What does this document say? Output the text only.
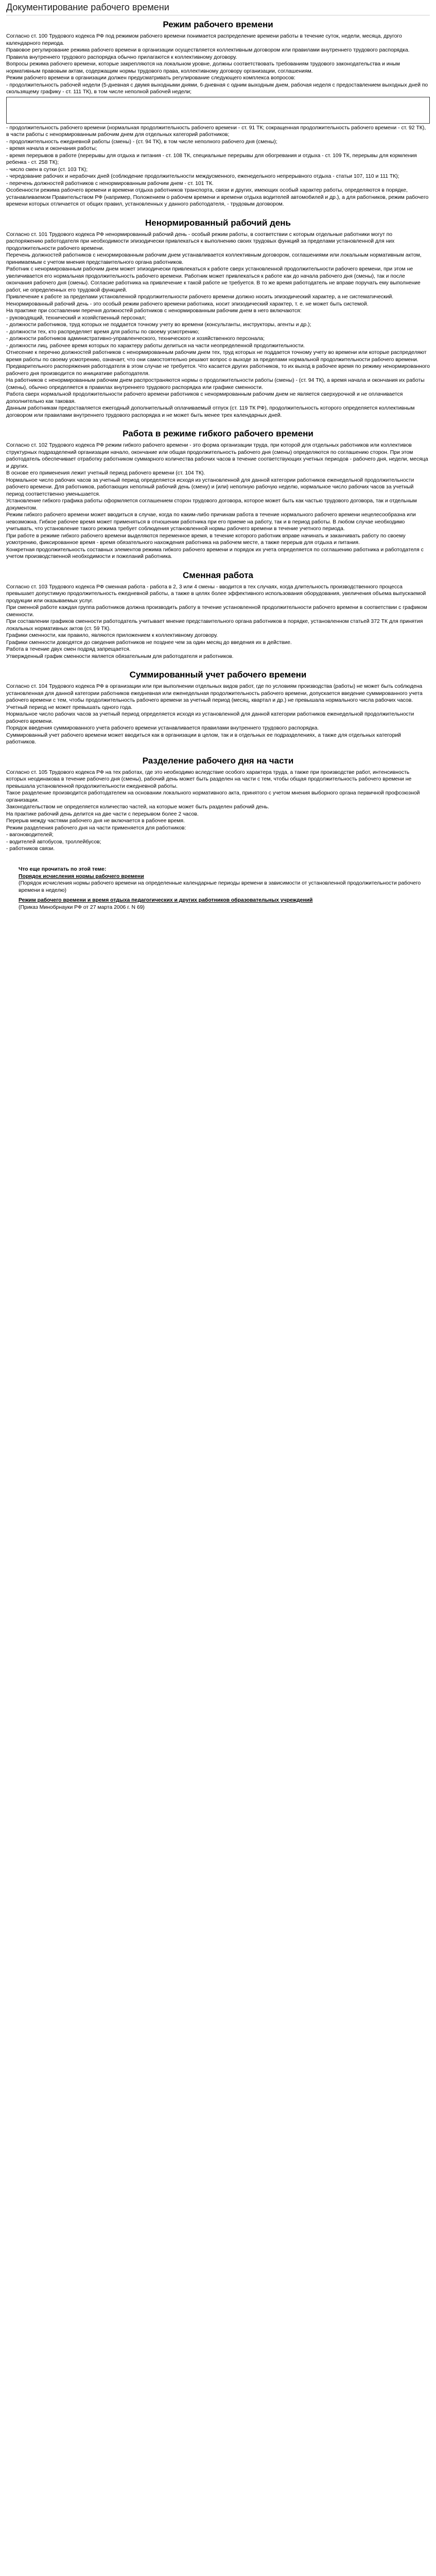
Документирование рабочего времени
Режим рабочего времени

Согласно ст. 100 Трудового кодекса РФ под режимом рабочего времени понимается распределение времени работы в течение суток, недели, месяца, другого календарного периода.

Правовое регулирование режима рабочего времени в организации осуществляется коллективным договором или правилами внутреннего трудового распорядка. Правила внутреннего трудового распорядка обычно прилагаются к коллективному договору.

Вопросы режима рабочего времени, которые закрепляются на локальном уровне, должны соответствовать требованиям трудового законодательства и иным нормативным правовым актам, содержащим нормы трудового права, коллективному договору организации, соглашениям.

Режим рабочего времени в организации должен предусматривать регулирование следующего комплекса вопросов:

- продолжительность рабочей недели (5-дневная с двумя выходными днями, 6-дневная с одним выходным днем, рабочая неделя с предоставлением выходных дней по скользящему графику - ст. 111 ТК), в том числе неполной рабочей недели;

- продолжительность рабочего времени (нормальная продолжительность рабочего времени - ст. 91 ТК; сокращенная продолжительность рабочего времени - ст. 92 ТК), в части работы с ненормированным рабочим днем для отдельных категорий работников;

- продолжительность ежедневной работы (смены) - (ст. 94 ТК), в том числе неполного рабочего дня (смены);

- время начала и окончания работы;

- время перерывов в работе (перерывы для отдыха и питания - ст. 108 ТК, специальные перерывы для обогревания и отдыха - ст. 109 ТК, перерывы для кормления ребенка - ст. 258 ТК);

- число смен в сутки (ст. 103 ТК);

- чередование рабочих и нерабочих дней (соблюдение продолжительности междусменного, еженедельного непрерывного отдыха - статьи 107, 110 и 111 ТК);

- перечень должностей работников с ненормированным рабочим днем - ст. 101 ТК.

Особенности режима рабочего времени и времени отдыха работников транспорта, связи и других, имеющих особый характер работы, определяются в порядке, устанавливаемом Правительством РФ (например, Положением о рабочем времени и времени отдыха водителей автомобилей и др.), а для работников, режим рабочего времени которых отличается от общих правил, установленных у данного работодателя, - трудовым договором.

Ненормированный рабочий день

Согласно ст. 101 Трудового кодекса РФ ненормированный рабочий день - особый режим работы, в соответствии с которым отдельные работники могут по распоряжению работодателя при необходимости эпизодически привлекаться к выполнению своих трудовых функций за пределами установленной для них продолжительности рабочего времени.

Перечень должностей работников с ненормированным рабочим днем устанавливается коллективным договором, соглашениями или локальным нормативным актом, принимаемым с учетом мнения представительного органа работников.

Работник с ненормированным рабочим днем может эпизодически привлекаться к работе сверх установленной продолжительности рабочего времени, при этом не увеличивается его нормальная продолжительность рабочего времени. Работник может привлекаться к работе как до начала рабочего дня (смены), так и после окончания рабочего дня (смены). Согласие работника на привлечение к такой работе не требуется. В то же время работодатель не вправе поручать ему выполнение работ, не определенных его трудовой функцией.

Привлечение к работе за пределами установленной продолжительности рабочего времени должно носить эпизодический характер, а не систематический.

Ненормированный рабочий день - это особый режим рабочего времени работника, носит эпизодический характер, т. е. не может быть системой.

На практике при составлении перечня должностей работников с ненормированным рабочим днем в него включаются:

- руководящий, технический и хозяйственный персонал;

- должности работников, труд которых не поддается точному учету во времени (консультанты, инструкторы, агенты и др.);

- должности тех, кто распределяет время для работы по своему усмотрению;

- должности работников административно-управленческого, технического и хозяйственного персонала;

- должности лиц, рабочее время которых по характеру работы делиться на части неопределенной продолжительности.

Отнесение к перечню должностей работников с ненормированным рабочим днем тех, труд которых не поддается точному учету во времени или которые распределяют время работы по своему усмотрению, означает, что они самостоятельно решают вопрос о выходе за пределами нормальной продолжительности рабочего времени. Предварительного распоряжения работодателя в этом случае не требуется. Что касается других работников, то их выход в рабочее время по режиму ненормированного рабочего дня производится по инициативе работодателя.

На работников с ненормированным рабочим днем распространяются нормы о продолжительности работы (смены) - (ст. 94 ТК), а время начала и окончания их работы (смены), обычно определяется в правилах внутреннего трудового распорядка или графике сменности.

Работа сверх нормальной продолжительности рабочего времени работников с ненормированным рабочим днем не является сверхурочной и не оплачивается дополнительно как таковая.

Данным работникам предоставляется ежегодный дополнительный оплачиваемый отпуск (ст. 119 ТК РФ), продолжительность которого определяется коллективным договором или правилами внутреннего трудового распорядка и не может быть менее трех календарных дней.

Работа в режиме гибкого рабочего времени

Согласно ст. 102 Трудового кодекса РФ режим гибкого рабочего времени - это форма организации труда, при которой для отдельных работников или коллективов структурных подразделений организации начало, окончание или общая продолжительность рабочего дня (смены) определяются по соглашению сторон. При этом работодатель обеспечивает отработку работником суммарного количества рабочих часов в течение соответствующих учетных периодов - рабочего дня, недели, месяца и других.

В основе его применения лежит учетный период рабочего времени (ст. 104 ТК).

Нормальное число рабочих часов за учетный период определяется исходя из установленной для данной категории работников еженедельной продолжительности рабочего времени. Для работников, работающих неполный рабочий день (смену) и (или) неполную рабочую неделю, нормальное число рабочих часов за учетный период соответственно уменьшается.

Установление гибкого графика работы оформляется соглашением сторон трудового договора, которое может быть как частью трудового договора, так и отдельным документом.

Режим гибкого рабочего времени может вводиться в случае, когда по каким-либо причинам работа в течение нормального рабочего времени нецелесообразна или невозможна. Гибкое рабочее время может применяться в отношении работника при его приеме на работу, так и в период работы. В любом случае необходимо учитывать, что установление такого режима требует соблюдения установленной нормы рабочего времени в течение учетного периода.

При работе в режиме гибкого рабочего времени выделяются переменное время, в течение которого работник вправе начинать и заканчивать работу по своему усмотрению, фиксированное время - время обязательного нахождения работника на рабочем месте, а также перерыв для отдыха и питания.

Конкретная продолжительность составных элементов режима гибкого рабочего времени и порядок их учета определяется по соглашению работника и работодателя с учетом производственной необходимости и пожеланий работника.

Сменная работа

Согласно ст. 103 Трудового кодекса РФ сменная работа - работа в 2, 3 или 4 смены - вводится в тех случаях, когда длительность производственного процесса превышает допустимую продолжительность ежедневной работы, а также в целях более эффективного использования оборудования, увеличения объема выпускаемой продукции или оказываемых услуг.

При сменной работе каждая группа работников должна производить работу в течение установленной продолжительности рабочего времени в соответствии с графиком сменности.

При составлении графиков сменности работодатель учитывает мнение представительного органа работников в порядке, установленном статьей 372 ТК для принятия локальных нормативных актов (ст. 59 ТК).

Графики сменности, как правило, являются приложением к коллективному договору.

Графики сменности доводятся до сведения работников не позднее чем за один месяц до введения их в действие.

Работа в течение двух смен подряд запрещается.

Утвержденный график сменности является обязательным для работодателя и работников.

Суммированный учет рабочего времени

Согласно ст. 104 Трудового кодекса РФ в организации или при выполнении отдельных видов работ, где по условиям производства (работы) не может быть соблюдена установленная для данной категории работников ежедневная или еженедельная продолжительность рабочего времени, допускается введение суммированного учета рабочего времени с тем, чтобы продолжительность рабочего времени за учетный период (месяц, квартал и др.) не превышала нормального числа рабочих часов.

Учетный период не может превышать одного года.

Нормальное число рабочих часов за учетный период определяется исходя из установленной для данной категории работников еженедельной продолжительности рабочего времени.

Порядок введения суммированного учета рабочего времени устанавливается правилами внутреннего трудового распорядка.

Суммированный учет рабочего времени может вводиться как в организации в целом, так и в отдельных ее подразделениях, а также для отдельных категорий работников.

Разделение рабочего дня на части

Согласно ст. 105 Трудового кодекса РФ на тех работах, где это необходимо вследствие особого характера труда, а также при производстве работ, интенсивность которых неодинакова в течение рабочего дня (смены), рабочий день может быть разделен на части с тем, чтобы общая продолжительность рабочего времени не превышала установленной продолжительности ежедневной работы.

Такое разделение производится работодателем на основании локального нормативного акта, принятого с учетом мнения выборного органа первичной профсоюзной организации.

Законодательством не определяется количество частей, на которые может быть разделен рабочий день.

На практике рабочий день делится на две части с перерывом более 2 часов.

Перерыв между частями рабочего дня не включается в рабочее время.

Режим разделения рабочего дня на части применяется для работников:

- вагоноводителей;

- водителей автобусов, троллейбусов;

- работников связи.

Что еще прочитать по этой теме:
Порядок исчисления нормы рабочего времени
(Порядок исчисления нормы рабочего времени на определенные календарные периоды времени в зависимости от установленной продолжительности рабочего времени в неделю)
Режим рабочего времени и время отдыха педагогических и других работников образовательных учреждений
(Приказ Минобрнауки РФ от 27 марта 2006 г. N 69)
